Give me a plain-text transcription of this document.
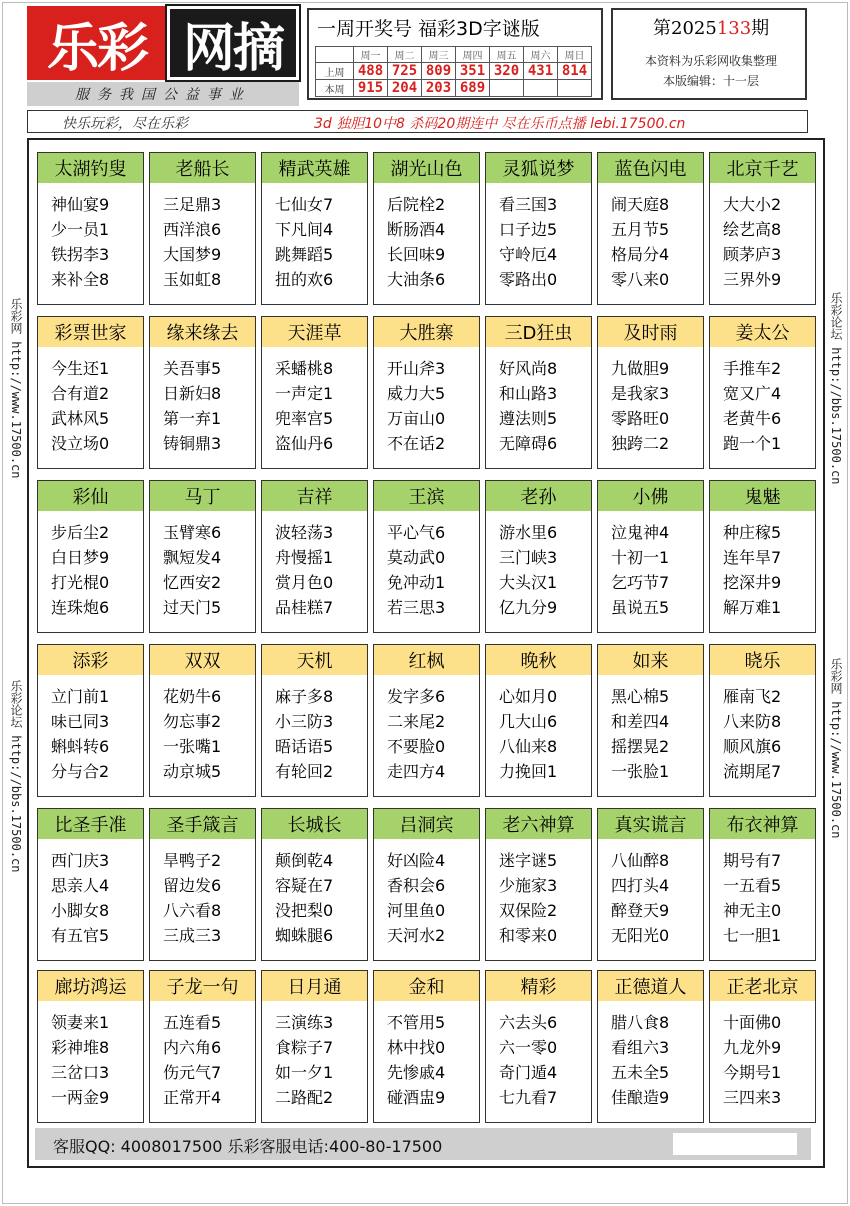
乐彩 网摘
服务我国公益事业
一周开奖号 福彩3D字谜版
	周一	周二	周三	周四	周五	周六	周日
上周	488	725	809	351	320	431	814
本周	915	204	203	689			
第2025133期
本资料为乐彩网收集整理
本版编辑：十一层
快乐玩彩，尽在乐彩	3d 独胆10中8 杀码20期连中 尽在乐币点播 lebi.17500.cn
乐彩网 http://www.17500.cn
乐彩论坛 http://bbs.17500.cn
乐彩论坛 http://bbs.17500.cn
乐彩网 http://www.17500.cn
太湖钓叟
神仙宴9
少一员1
铁拐李3
来补全8
老船长
三足鼎3
西洋浪6
大国梦9
玉如虹8
精武英雄
七仙女7
下凡间4
跳舞蹈5
扭的欢6
湖光山色
后院栓2
断肠酒4
长回味9
大油条6
灵狐说梦
看三国3
口子边5
守岭厄4
零路出0
蓝色闪电
闹天庭8
五月节5
格局分4
零八来0
北京千艺
大大小2
绘艺高8
顾茅庐3
三界外9
彩票世家
今生还1
合有道2
武林风5
没立场0
缘来缘去
关吾事5
日新妇8
第一弃1
铸铜鼎3
天涯草
采蟠桃8
一声定1
兜率宫5
盗仙丹6
大胜寨
开山斧3
威力大5
万亩山0
不在话2
三D狂虫
好风尚8
和山路3
遵法则5
无障碍6
及时雨
九做胆9
是我家3
零路旺0
独跨二2
姜太公
手推车2
宽又广4
老黄牛6
跑一个1
彩仙
步后尘2
白日梦9
打光棍0
连珠炮6
马丁
玉臂寒6
飘短发4
忆西安2
过天门5
吉祥
波轻荡3
舟慢摇1
赏月色0
品桂糕7
王滨
平心气6
莫动武0
免冲动1
若三思3
老孙
游水里6
三门峡3
大头汉1
亿九分9
小佛
泣鬼神4
十初一1
乞巧节7
虽说五5
鬼魅
种庄稼5
连年旱7
挖深井9
解万难1
添彩
立门前1
味已同3
蝌蚪转6
分与合2
双双
花奶牛6
勿忘事2
一张嘴1
动京城5
天机
麻子多8
小三防3
晤话语5
有轮回2
红枫
发字多6
二来尾2
不要脸0
走四方4
晚秋
心如月0
几大山6
八仙来8
力挽回1
如来
黑心棉5
和差四4
摇摆晃2
一张脸1
晓乐
雁南飞2
八来防8
顺风旗6
流期尾7
比圣手准
西门庆3
思亲人4
小脚女8
有五官5
圣手箴言
旱鸭子2
留边发6
八六看8
三成三3
长城长
颠倒乾4
容疑在7
没把梨0
蜘蛛腿6
吕洞宾
好凶险4
香积会6
河里鱼0
天河水2
老六神算
迷字谜5
少施家3
双保险2
和零来0
真实谎言
八仙醉8
四打头4
醉登天9
无阳光0
布衣神算
期号有7
一五看5
神无主0
七一胆1
廊坊鸿运
领妻来1
彩神堆8
三岔口3
一两金9
子龙一句
五连看5
内六角6
伤元气7
正常开4
日月通
三演练3
食粽子7
如一夕1
二路配2
金和
不管用5
林中找0
先惨戚4
碰酒盅9
精彩
六去头6
六一零0
奇门遁4
七九看7
正德道人
腊八食8
看组六3
五未全5
佳酿造9
正老北京
十面佛0
九龙外9
今期号1
三四来3
客服QQ: 4008017500 乐彩客服电话:400-80-17500
